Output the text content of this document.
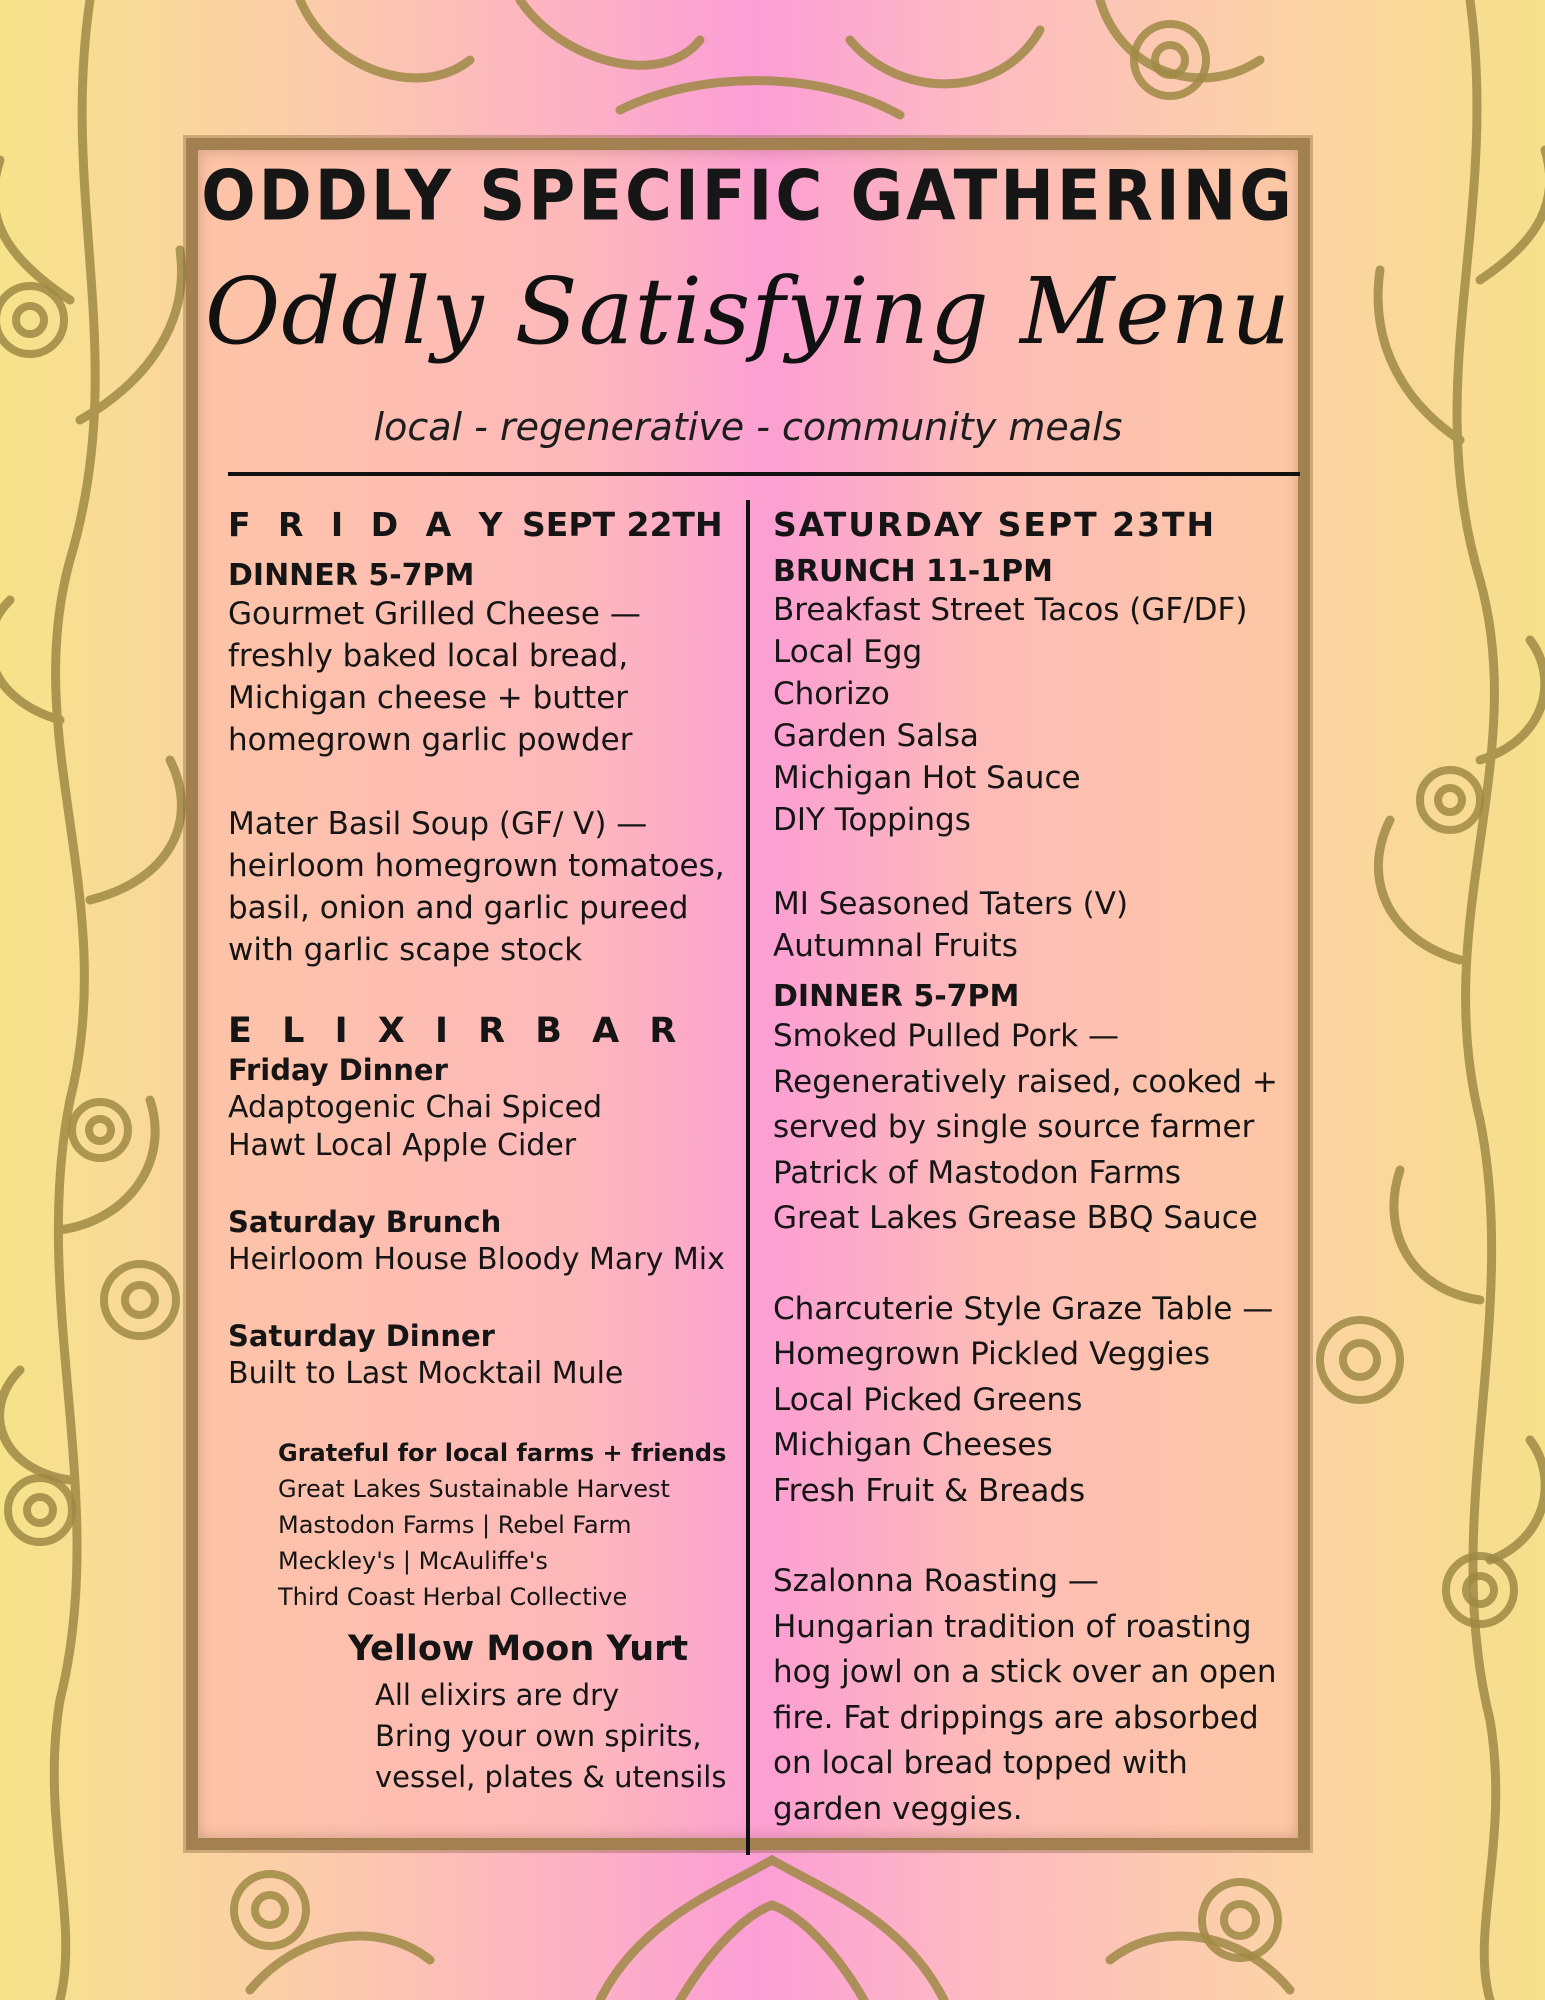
ODDLY SPECIFIC GATHERING
Oddly Satisfying Menu
local - regenerative - community meals
F R I D A Y SEPT 22TH
DINNER 5-7PM
Gourmet Grilled Cheese —
freshly baked local bread,
Michigan cheese + butter
homegrown garlic powder
Mater Basil Soup (GF/ V) —
heirloom homegrown tomatoes,
basil, onion and garlic pureed
with garlic scape stock
E L I X I R B A R
Friday Dinner
Adaptogenic Chai Spiced
Hawt Local Apple Cider
Saturday Brunch
Heirloom House Bloody Mary Mix
Saturday Dinner
Built to Last Mocktail Mule
Grateful for local farms + friends
Great Lakes Sustainable Harvest
Mastodon Farms | Rebel Farm
Meckley's | McAuliffe's
Third Coast Herbal Collective
Yellow Moon Yurt
All elixirs are dry
Bring your own spirits,
vessel, plates & utensils
SATURDAY SEPT 23TH
BRUNCH 11-1PM
Breakfast Street Tacos (GF/DF)
Local Egg
Chorizo
Garden Salsa
Michigan Hot Sauce
DIY Toppings
MI Seasoned Taters (V)
Autumnal Fruits
DINNER 5-7PM
Smoked Pulled Pork —
Regeneratively raised, cooked +
served by single source farmer
Patrick of Mastodon Farms
Great Lakes Grease BBQ Sauce
Charcuterie Style Graze Table —
Homegrown Pickled Veggies
Local Picked Greens
Michigan Cheeses
Fresh Fruit & Breads
Szalonna Roasting —
Hungarian tradition of roasting
hog jowl on a stick over an open
fire. Fat drippings are absorbed
on local bread topped with
garden veggies.
